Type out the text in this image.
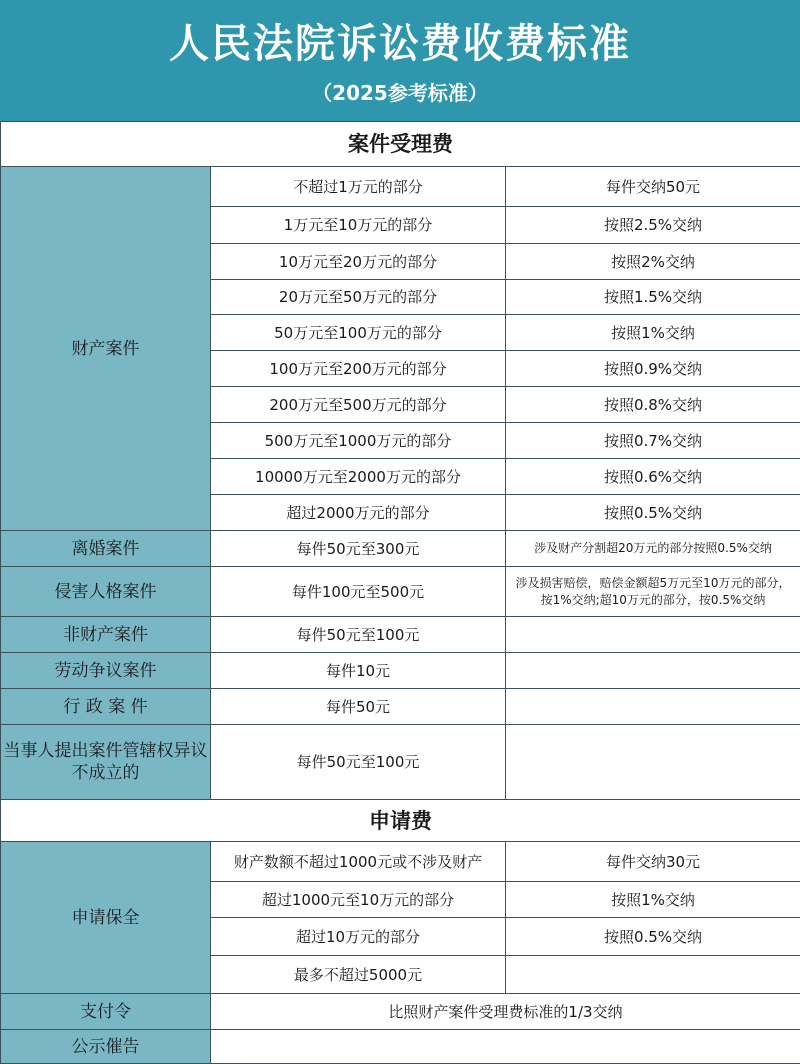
人民法院诉讼费收费标准
（2025参考标准）
案件受理费		
财产案件	不超过1万元的部分	每件交纳50元
	1万元至10万元的部分	按照2.5%交纳
	10万元至20万元的部分	按照2%交纳
	20万元至50万元的部分	按照1.5%交纳
	50万元至100万元的部分	按照1%交纳
	100万元至200万元的部分	按照0.9%交纳
	200万元至500万元的部分	按照0.8%交纳
	500万元至1000万元的部分	按照0.7%交纳
	10000万元至2000万元的部分	按照0.6%交纳
	超过2000万元的部分	按照0.5%交纳
离婚案件	每件50元至300元	涉及财产分割超20万元的部分按照0.5%交纳
侵害人格案件	每件100元至500元	涉及损害赔偿，赔偿金额超5万元至10万元的部分，按1%交纳;超10万元的部分，按0.5%交纳
非财产案件	每件50元至100元	
劳动争议案件	每件10元	
行 政 案 件	每件50元	
当事人提出案件管辖权异议不成立的	每件50元至100元	
申请费		
申请保全	财产数额不超过1000元或不涉及财产	每件交纳30元
	超过1000元至10万元的部分	按照1%交纳
	超过10万元的部分	按照0.5%交纳
	最多不超过5000元	
支付令	比照财产案件受理费标准的1/3交纳	
公示催告		
